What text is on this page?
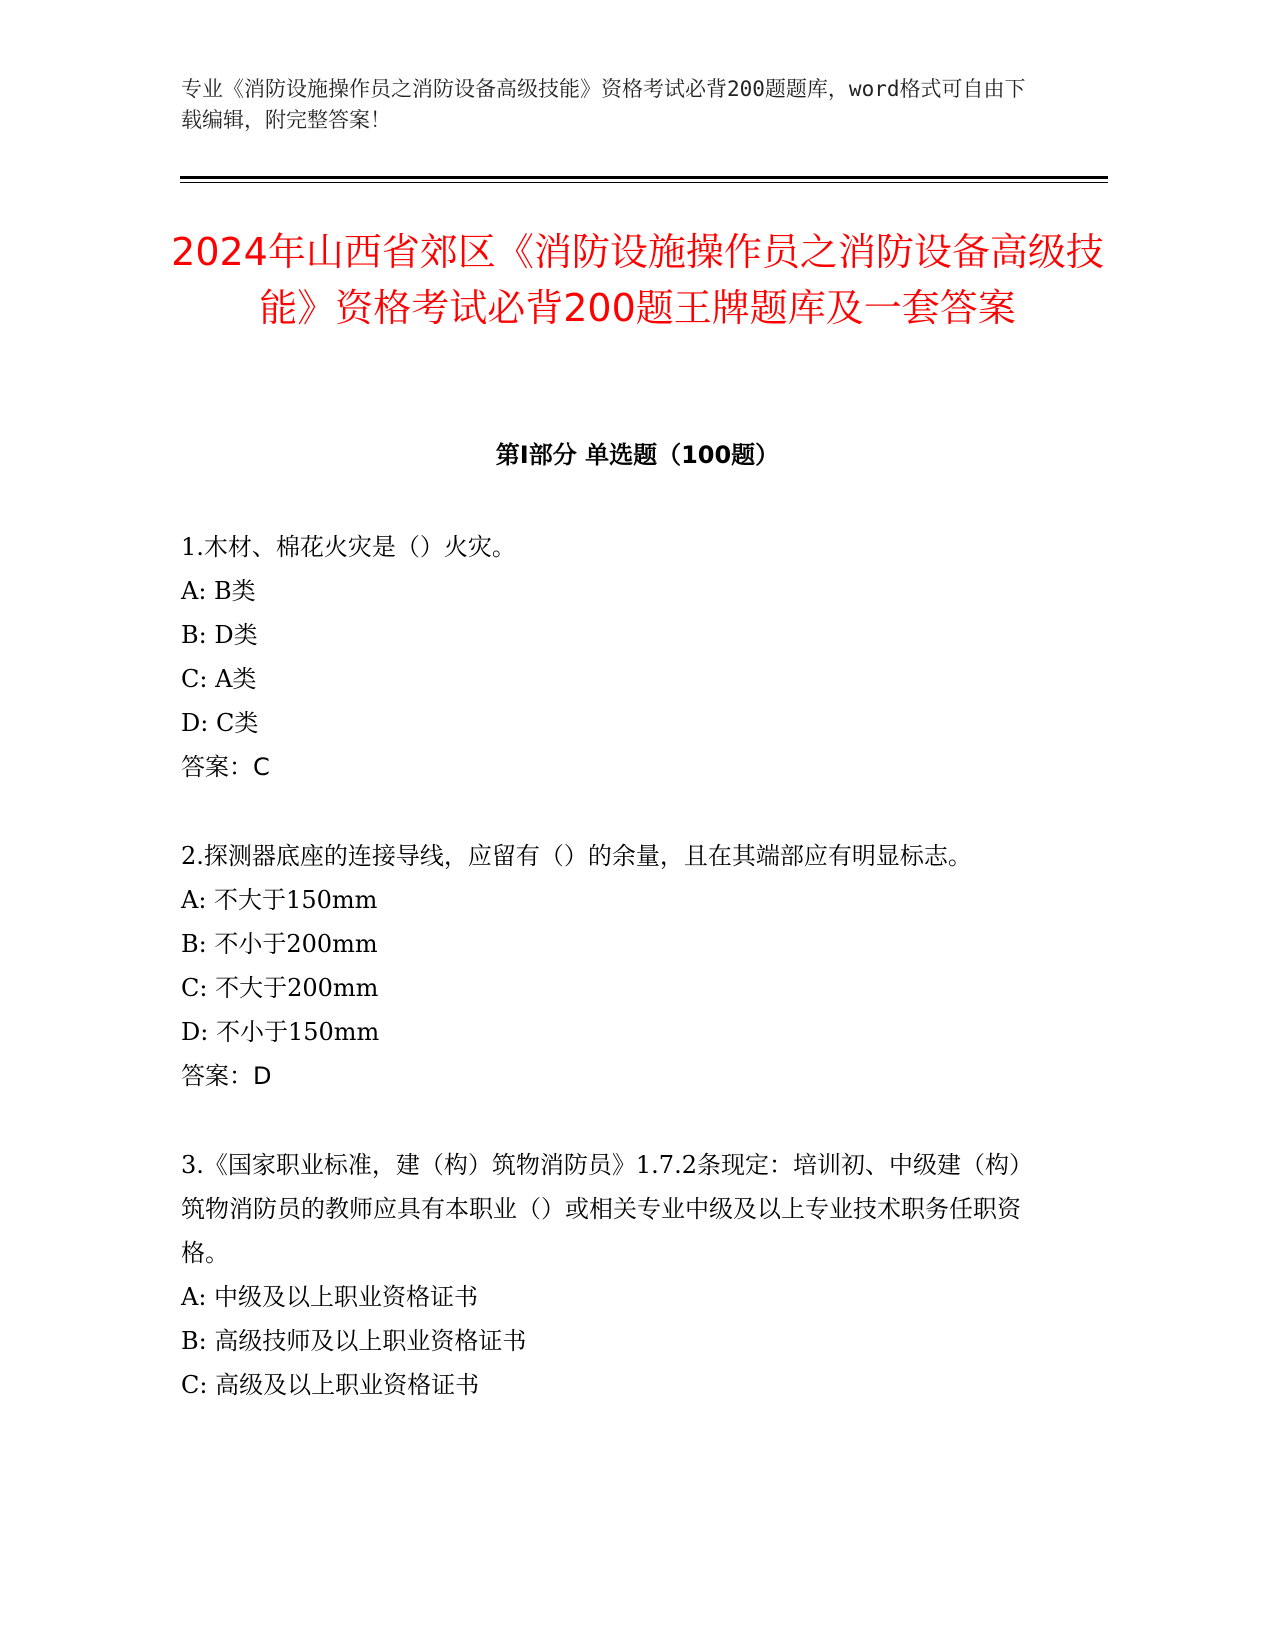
专业《消防设施操作员之消防设备高级技能》资格考试必背200题题库，word格式可自由下载编辑，附完整答案！
2024年山西省郊区《消防设施操作员之消防设备高级技能》资格考试必背200题王牌题库及一套答案
第Ⅰ部分 单选题（100题）

1.木材、棉花火灾是（）火灾。

A: B类

B: D类

C: A类

D: C类

答案：C

2.探测器底座的连接导线，应留有（）的余量，且在其端部应有明显标志。

A: 不大于150mm

B: 不小于200mm

C: 不大于200mm

D: 不小于150mm

答案：D

3.《国家职业标准，建（构）筑物消防员》1.7.2条现定：培训初、中级建（构）筑物消防员的教师应具有本职业（）或相关专业中级及以上专业技术职务任职资格。

A: 中级及以上职业资格证书

B: 高级技师及以上职业资格证书

C: 高级及以上职业资格证书
